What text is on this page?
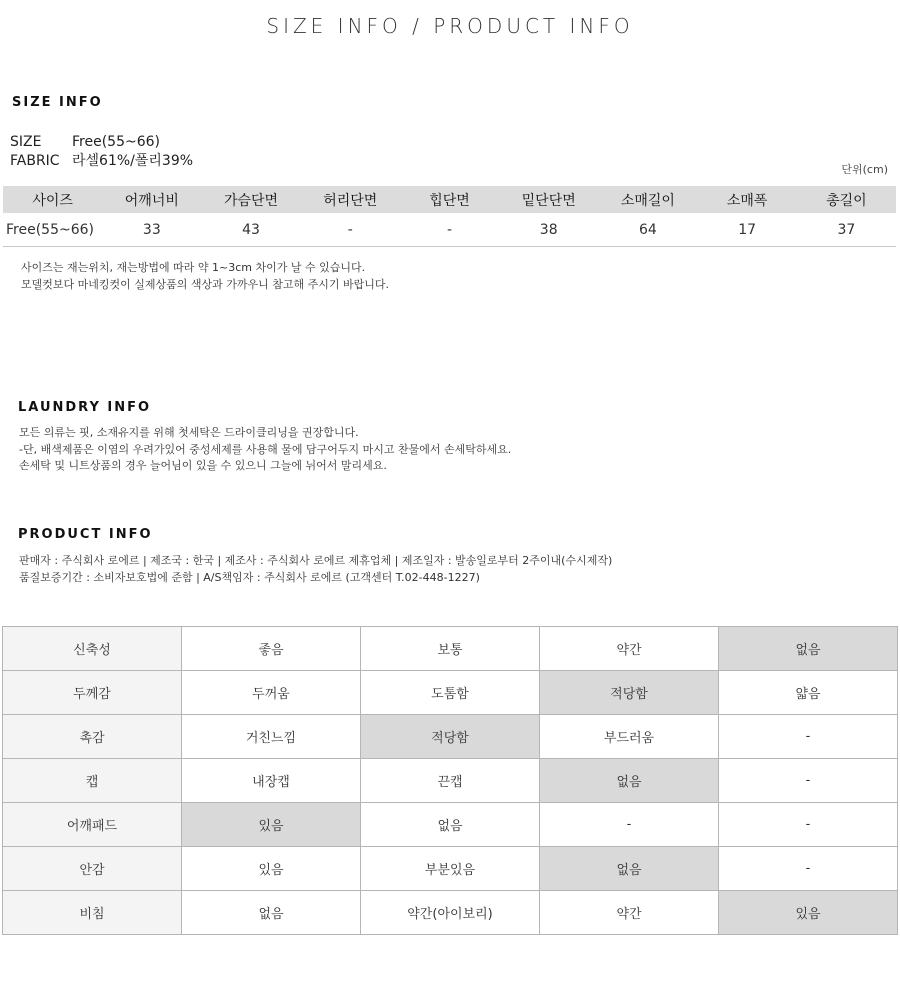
SIZE INFO / PRODUCT INFO
SIZE INFO
SIZE Free(55~66)
FABRIC 라셀61%/폴리39%
단위(cm)
사이즈	어깨너비	가슴단면	허리단면	힙단면	밑단단면	소매길이	소매폭	총길이
Free(55~66)	33	43	-	-	38	64	17	37
사이즈는 재는위치, 재는방법에 따라 약 1~3cm 차이가 날 수 있습니다.
모델컷보다 마네킹컷이 실제상품의 색상과 가까우니 참고해 주시기 바랍니다.
LAUNDRY INFO
모든 의류는 핏, 소재유지를 위해 첫세탁은 드라이클리닝을 권장합니다.
-단, 배색제품은 이염의 우려가있어 중성세제를 사용해 물에 담구어두지 마시고 찬물에서 손세탁하세요.
손세탁 및 니트상품의 경우 늘어님이 있을 수 있으니 그늘에 뉘어서 말리세요.
PRODUCT INFO
판매자 : 주식회사 로에르 | 제조국 : 한국 | 제조사 : 주식회사 로에르 제휴업체 | 제조일자 : 발송일로부터 2주이내(수시제작)
품질보증기간 : 소비자보호법에 준함 | A/S책임자 : 주식회사 로에르 (고객센터 T.02-448-1227)
신축성	좋음	보통	약간	없음
두께감	두꺼움	도톰함	적당함	얇음
촉감	거친느낌	적당함	부드러움	-
캡	내장캡	끈캡	없음	-
어깨패드	있음	없음	-	-
안감	있음	부분있음	없음	-
비침	없음	약간(아이보리)	약간	있음
